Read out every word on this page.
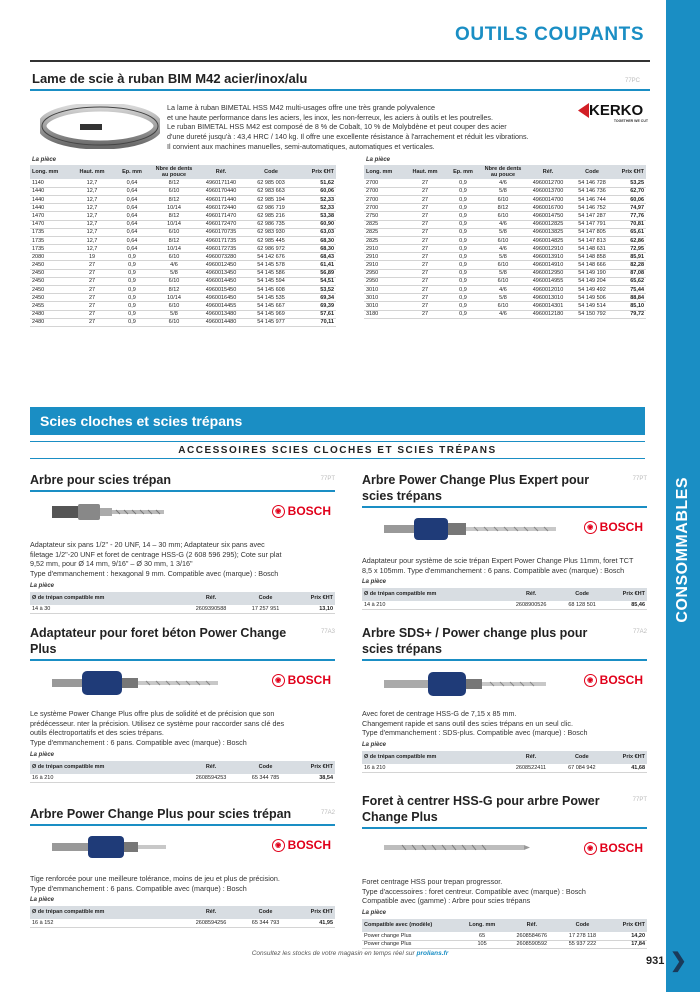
CONSOMMABLES
OUTILS COUPANTS
Lame de scie à ruban BIM M42 acier/inox/alu	77PC
La lame à ruban BIMETAL HSS M42 multi-usages offre une très grande polyvalence
et une haute performance dans les aciers, les inox, les non-ferreux, les aciers à outils et les poutrelles.
Le ruban BIMETAL HSS M42 est composé de 8 % de Cobalt, 10 % de Molybdène et peut couper des acier
d'une dureté jusqu'à : 43,4 HRC / 140 kg. Il offre une excellente résistance à l'arrachement et réduit les vibrations.
Il convient aux machines manuelles, semi-automatiques, automatiques et verticales.
KERKO
TOGETHER WE CUT
La pièce	La pièce
Long. mm	Haut. mm	Ep. mm	Nbre de dents au pouce	Réf.	Code	Prix €HT
1140	12,7	0,64	8/12	4960171140	62 985 003	51,62
1440	12,7	0,64	6/10	4960170440	62 983 663	60,06
1440	12,7	0,64	8/12	4960171440	62 985 194	52,33
1440	12,7	0,64	10/14	4960172440	62 986 719	52,33
1470	12,7	0,64	8/12	4960171470	62 985 216	53,38
1470	12,7	0,64	10/14	4960172470	62 986 735	60,90
1735	12,7	0,64	6/10	4960170735	62 983 930	63,03
1735	12,7	0,64	8/12	4960171735	62 985 445	68,30
1735	12,7	0,64	10/14	4960172735	62 986 972	68,30
2080	19	0,9	6/10	4960073280	54 142 676	68,43
2450	27	0,9	4/6	4960012450	54 145 578	61,41
2450	27	0,9	5/8	4960013450	54 145 586	56,89
2450	27	0,9	6/10	4960014450	54 145 594	54,51
2450	27	0,9	8/12	4960015450	54 145 608	53,52
2450	27	0,9	10/14	4960016450	54 145 535	69,34
2455	27	0,9	6/10	4960014455	54 145 667	69,39
2480	27	0,9	5/8	4960013480	54 145 969	57,61
2480	27	0,9	6/10	4960014480	54 145 977	70,11
Long. mm	Haut. mm	Ep. mm	Nbre de dents au pouce	Réf.	Code	Prix €HT
2700	27	0,9	4/6	4960012700	54 146 728	53,25
2700	27	0,9	5/8	4960013700	54 146 736	62,70
2700	27	0,9	6/10	4960014700	54 146 744	60,06
2700	27	0,9	8/12	4960016700	54 146 752	74,97
2750	27	0,9	6/10	4960014750	54 147 287	77,76
2825	27	0,9	4/6	4960012825	54 147 791	70,81
2825	27	0,9	5/8	4960013825	54 147 805	65,61
2825	27	0,9	6/10	4960014825	54 147 813	62,86
2910	27	0,9	4/6	4960012910	54 148 631	72,95
2910	27	0,9	5/8	4960013910	54 148 858	85,91
2910	27	0,9	6/10	4960014910	54 148 666	82,28
2950	27	0,9	5/8	4960012950	54 149 190	87,08
2950	27	0,9	6/10	4960014955	54 149 204	65,62
3010	27	0,9	4/6	4960012010	54 149 492	75,44
3010	27	0,9	5/8	4960013010	54 149 506	88,84
3010	27	0,9	6/10	4960014301	54 149 514	85,10
3180	27	0,9	4/6	4960012180	54 150 792	79,72
Scies cloches et scies trépans
ACCESSOIRES SCIES CLOCHES ET SCIES TRÉPANS
Arbre pour scies trépan	77PT
◉ BOSCH
Adaptateur six pans 1/2" - 20 UNF, 14 – 30 mm; Adaptateur six pans avec
filetage 1/2"-20 UNF et foret de centrage HSS-G (2 608 596 295); Cote sur plat
9,52 mm, pour Ø 14 mm, 9/16" – Ø 30 mm, 1 3/16"
Type d'emmanchement : hexagonal 9 mm. Compatible avec (marque) : Bosch
La pièce
Ø de trépan compatible mm	Réf.	Code	Prix €HT
14 à 30	2609390588	17 257 951	13,10
Arbre Power Change Plus Expert pour scies trépans
77PT
◉ BOSCH
Adaptateur pour système de scie trépan Expert Power Change Plus 11mm, foret TCT
8,5 x 105mm. Type d'emmanchement : 6 pans. Compatible avec (marque) : Bosch
La pièce
Ø de trépan compatible mm	Réf.	Code	Prix €HT
14 à 210	2608900526	68 128 501	85,46
Adaptateur pour foret béton Power Change Plus
77A3
◉ BOSCH
Le système Power Change Plus offre plus de solidité et de précision que son
prédécesseur. nter la précision. Utilisez ce système pour raccorder sans clé des
outils électroportatifs et des scies trépans.
Type d'emmanchement : 6 pans. Compatible avec (marque) : Bosch
La pièce
Ø de trépan compatible mm	Réf.	Code	Prix €HT
16 à 210	2608594253	65 344 785	38,54
Arbre SDS+ / Power change plus pour scies trépans
77A2
◉ BOSCH
Avec foret de centrage HSS-G de 7,15 x 85 mm.
Changement rapide et sans outil des scies trépans en un seul clic.
Type d'emmanchement : SDS-plus. Compatible avec (marque) : Bosch
La pièce
Ø de trépan compatible mm	Réf.	Code	Prix €HT
16 à 210	2608522411	67 084 942	41,68
Arbre Power Change Plus pour scies trépan	77A2
◉ BOSCH
Tige renforcée pour une meilleure tolérance, moins de jeu et plus de précision.
Type d'emmanchement : 6 pans. Compatible avec (marque) : Bosch
La pièce
Ø de trépan compatible mm	Réf.	Code	Prix €HT
16 à 152	2608594256	65 344 793	41,95
Foret à centrer HSS-G pour arbre Power Change Plus
77PT
◉ BOSCH
Foret centrage HSS pour trepan progressor.
Type d'accessoires : foret centreur. Compatible avec (marque) : Bosch
Compatible avec (gamme) : Arbre pour scies trépans
La pièce
Compatible avec (modèle)	Long. mm	Réf.	Code	Prix €HT
Power change Plus	65	2608584676	17 278 118	14,20
Power change Plus	105	2608590592	55 937 222	17,84
Consultez les stocks de votre magasin en temps réel sur prolians.fr
931 ❯
